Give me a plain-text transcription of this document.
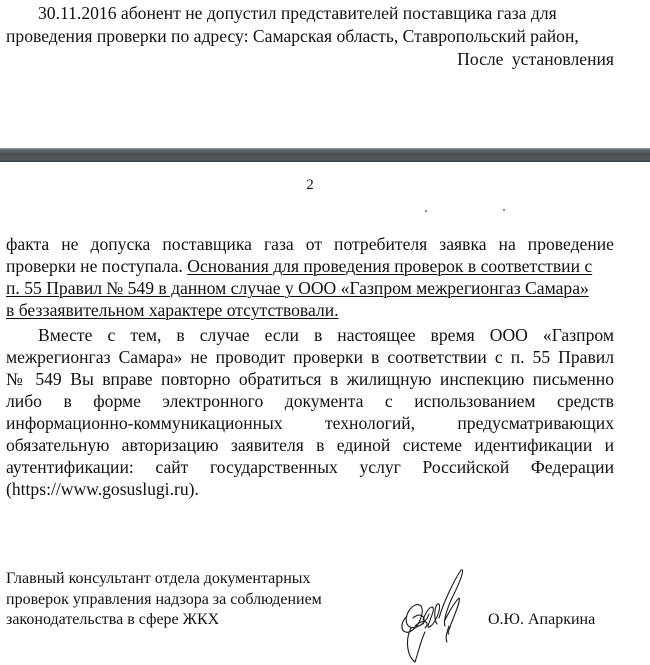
30.11.2016 абонент не допустил представителей поставщика газа для
проведения проверки по адресу: Самарская область, Ставропольский район,
После установления
2
факта не допуска поставщика газа от потребителя заявка на проведение
проверки не поступала. Основания для проведения проверок в соответствии с
п. 55 Правил № 549 в данном случае у ООО «Газпром межрегионгаз Самара»
в беззаявительном характере отсутствовали.
Вместе с тем, в случае если в настоящее время ООО «Газпром
межрегионгаз Самара» не проводит проверки в соответствии с п. 55 Правил
№ 549 Вы вправе повторно обратиться в жилищную инспекцию письменно
либо в форме электронного документа с использованием средств
информационно-коммуникационных технологий, предусматривающих
обязательную авторизацию заявителя в единой системе идентификации и
аутентификации: сайт государственных услуг Российской Федерации
(https://www.gosuslugi.ru).
Главный консультант отдела документарных
проверок управления надзора за соблюдением
законодательства в сфере ЖКХ	О.Ю. Апаркина
